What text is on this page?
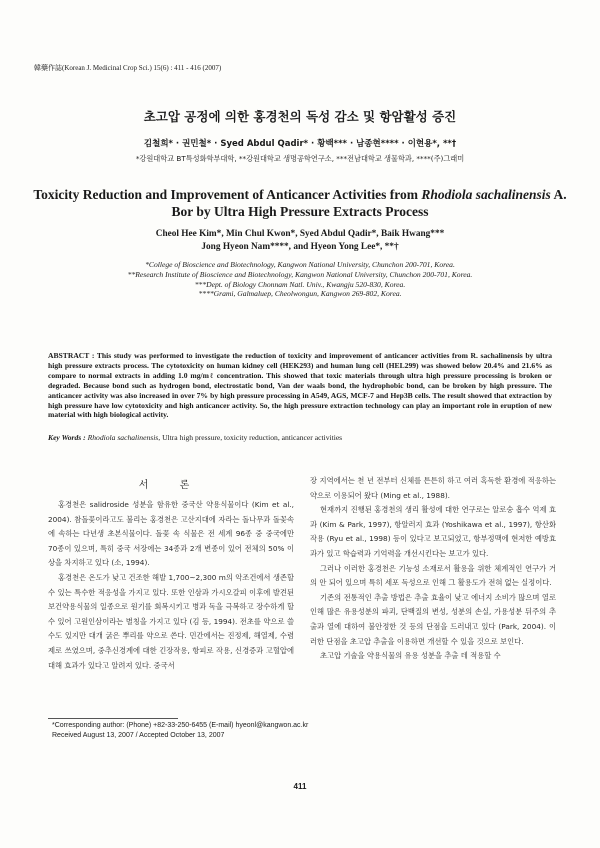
韓藥作誌(Korean J. Medicinal Crop Sci.) 15(6) : 411 - 416 (2007)
초고압 공정에 의한 홍경천의 독성 감소 및 항암활성 증진
김철희* · 권민철* · Syed Abdul Qadir* · 황백*** · 남종현**** · 이현용*, **†
*강원대학교 BT특성화학부대학, **강원대학교 생명공학연구소, ***전남대학교 생물학과, ****(주)그래미
Toxicity Reduction and Improvement of Anticancer Activities from Rhodiola sachalinensis A. Bor by Ultra High Pressure Extracts Process
Cheol Hee Kim*, Min Chul Kwon*, Syed Abdul Qadir*, Baik Hwang***
Jong Hyeon Nam****, and Hyeon Yong Lee*, **†
*College of Bioscience and Biotechnology, Kangwon National University, Chunchon 200-701, Korea.
**Research Institute of Bioscience and Biotechnology, Kangwon National University, Chunchon 200-701, Korea.
***Dept. of Biology Chonnam Natl. Univ., Kwangju 520-830, Korea.
****Grami, Galmaluep, Cheolwongun, Kangwon 269-802, Korea.
ABSTRACT : This study was performed to investigate the reduction of toxicity and improvement of anticancer activities from R. sachalinensis by ultra high pressure extracts process. The cytotoxicity on human kidney cell (HEK293) and human lung cell (HEL299) was showed below 20.4% and 21.6% as compare to normal extracts in adding 1.0 mg/mℓ concentration. This showed that toxic materials through ultra high pressure processing is broken or degraded. Because bond such as hydrogen bond, electrostatic bond, Van der waals bond, the hydrophobic bond, can be broken by high pressure. The anticancer activity was also increased in over 7% by high pressure processing in A549, AGS, MCF-7 and Hep3B cells. The result showed that extraction by high pressure have low cytotoxicity and high anticancer activity. So, the high pressure extraction technology can play an important role in eruption of new material with high biological activity.
Key Words : Rhodiola sachalinensis, Ultra high pressure, toxicity reduction, anticancer activities
서 론

홍경천은 salidroside 성분을 함유한 중국산 약용식물이다 (Kim et al., 2004). 참돌꽃이라고도 불리는 홍경천은 고산지대에 자라는 돌나무과 돌꽃속에 속하는 다년생 초본식물이다. 돌꽃 속 식물은 전 세계 96종 중 중국에만 70종이 있으며, 특히 중국 서장에는 34종과 2개 변종이 있어 전체의 50% 이상을 차지하고 있다 (소, 1994).

홍경천은 온도가 낮고 건조한 해발 1,700~2,300 m의 악조건에서 생존할 수 있는 특수한 적응성을 가지고 있다. 또한 인삼과 가시오갈피 이후에 발견된 보건약용식물의 일종으로 원기를 회복시키고 병과 독을 극복하고 장수하게 할 수 있어 고원인삼이라는 별칭을 가지고 있다 (김 등, 1994). 전초를 약으로 쓸 수도 있지만 대개 굵은 뿌리를 약으로 쓴다. 민간에서는 진정제, 해열제, 수렴제로 쓰였으며, 중추신경계에 대한 긴장작용, 항피로 작용, 신경증과 고혈압에 대해 효과가 있다고 알려져 있다. 중국서

장 지역에서는 천 년 전부터 신체를 튼튼히 하고 여러 혹독한 환경에 적응하는 약으로 이용되어 왔다 (Ming et al., 1988).

현재까지 진행된 홍경천의 생리 활성에 대한 연구로는 알로숭 흡수 억제 효과 (Kim & Park, 1997), 항알러지 효과 (Yoshikawa et al., 1997), 항산화 작용 (Ryu et al., 1998) 등이 있다고 보고되었고, 항부정맥에 현저한 예방효과가 있고 학습력과 기억력을 개선시킨다는 보고가 있다.

그러나 이러한 홍경천은 기능성 소재로서 활용을 위한 체계적인 연구가 거의 안 되어 있으며 특히 세포 독성으로 인해 그 활용도가 전혀 없는 실정이다.

기존의 전통적인 추출 방법은 추출 효율이 낮고 에너지 소비가 많으며 열로 인해 많은 유용성분의 파괴, 단백질의 변성, 성분의 손실, 가용성분 뒤주의 추출과 열에 대하여 불안정한 것 등의 단점을 드러내고 있다 (Park, 2004). 이러한 단점을 초고압 추출을 이용하면 개선할 수 있을 것으로 보인다.

초고압 기술을 약용식물의 유용 성분을 추출 데 적용할 수

*Corresponding author: (Phone) +82-33-250-6455 (E-mail) hyeonl@kangwon.ac.kr
Received August 13, 2007 / Accepted October 13, 2007
411
